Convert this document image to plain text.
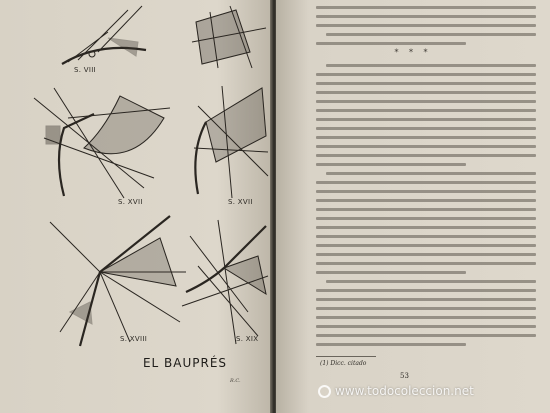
S. VIII
S. XVII	S. XVII
S. XVIII	S. XIX
EL BAUPRÉS
R.C.
* * *
(1) Dicc. citado
53
www.todocoleccion.net
